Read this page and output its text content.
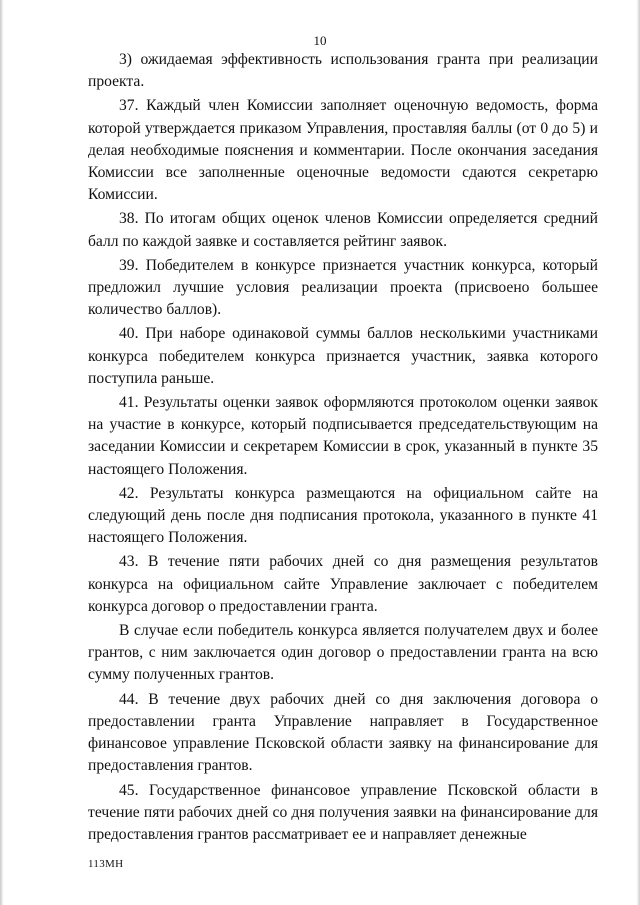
10

3) ожидаемая эффективность использования гранта при реализации проекта.

37. Каждый член Комиссии заполняет оценочную ведомость, форма которой утверждается приказом Управления, проставляя баллы (от 0 до 5) и делая необходимые пояснения и комментарии. После окончания заседания Комиссии все заполненные оценочные ведомости сдаются секретарю Комиссии.

38. По итогам общих оценок членов Комиссии определяется средний балл по каждой заявке и составляется рейтинг заявок.

39. Победителем в конкурсе признается участник конкурса, который предложил лучшие условия реализации проекта (присвоено большее количество баллов).

40. При наборе одинаковой суммы баллов несколькими участниками конкурса победителем конкурса признается участник, заявка которого поступила раньше.

41. Результаты оценки заявок оформляются протоколом оценки заявок на участие в конкурсе, который подписывается председательствующим на заседании Комиссии и секретарем Комиссии в срок, указанный в пункте 35 настоящего Положения.

42. Результаты конкурса размещаются на официальном сайте на следующий день после дня подписания протокола, указанного в пункте 41 настоящего Положения.

43. В течение пяти рабочих дней со дня размещения результатов конкурса на официальном сайте Управление заключает с победителем конкурса договор о предоставлении гранта.

В случае если победитель конкурса является получателем двух и более грантов, с ним заключается один договор о предоставлении гранта на всю сумму полученных грантов.

44. В течение двух рабочих дней со дня заключения договора о предоставлении гранта Управление направляет в Государственное финансовое управление Псковской области заявку на финансирование для предоставления грантов.

45. Государственное финансовое управление Псковской области в течение пяти рабочих дней со дня получения заявки на финансирование для предоставления грантов рассматривает ее и направляет денежные

113МН
